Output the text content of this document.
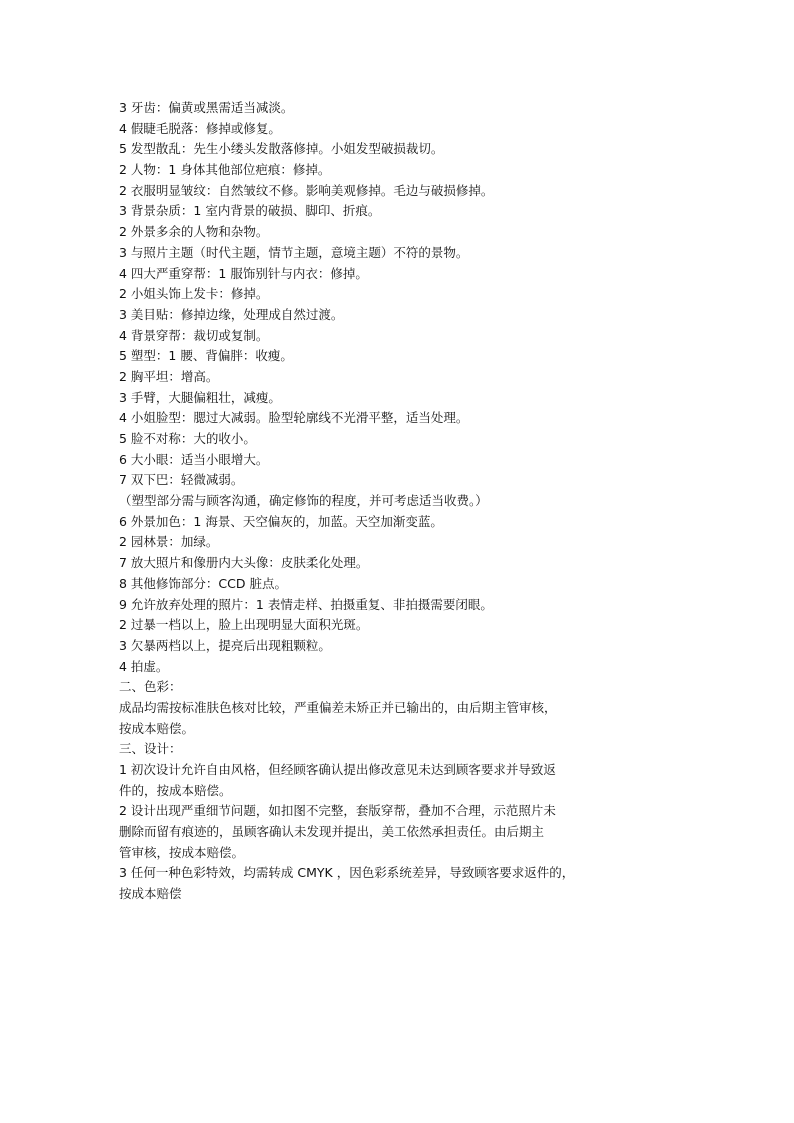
3 牙齿：偏黄或黑需适当减淡。
4 假睫毛脱落：修掉或修复。
5 发型散乱：先生小缕头发散落修掉。小姐发型破损裁切。
2 人物：1 身体其他部位疤痕：修掉。
2 衣服明显皱纹：自然皱纹不修。影响美观修掉。毛边与破损修掉。
3 背景杂质：1 室内背景的破损、脚印、折痕。
2 外景多余的人物和杂物。
3 与照片主题（时代主题，情节主题，意境主题）不符的景物。
4 四大严重穿帮：1 服饰别针与内衣：修掉。
2 小姐头饰上发卡：修掉。
3 美目贴：修掉边缘，处理成自然过渡。
4 背景穿帮：裁切或复制。
5 塑型：1 腰、背偏胖：收瘦。
2 胸平坦：增高。
3 手臂，大腿偏粗壮，减瘦。
4 小姐脸型：腮过大减弱。脸型轮廓线不光滑平整，适当处理。
5 脸不对称：大的收小。
6 大小眼：适当小眼增大。
7 双下巴：轻微减弱。
（塑型部分需与顾客沟通，确定修饰的程度，并可考虑适当收费。）
6 外景加色：1 海景、天空偏灰的，加蓝。天空加渐变蓝。
2 园林景：加绿。
7 放大照片和像册内大头像：皮肤柔化处理。
8 其他修饰部分：CCD 脏点。
9 允许放弃处理的照片：1 表情走样、拍摄重复、非拍摄需要闭眼。
2 过暴一档以上，脸上出现明显大面积光斑。
3 欠暴两档以上，提亮后出现粗颗粒。
4 拍虚。
二、色彩：
成品均需按标准肤色核对比较，严重偏差未矫正并已输出的，由后期主管审核，
按成本赔偿。
三、设计：
1 初次设计允许自由风格，但经顾客确认提出修改意见未达到顾客要求并导致返
件的，按成本赔偿。
2 设计出现严重细节问题，如扣图不完整，套版穿帮，叠加不合理，示范照片未
删除而留有痕迹的，虽顾客确认未发现并提出，美工依然承担责任。由后期主
管审核，按成本赔偿。
3 任何一种色彩特效，均需转成 CMYK ，因色彩系统差异，导致顾客要求返件的，
按成本赔偿
